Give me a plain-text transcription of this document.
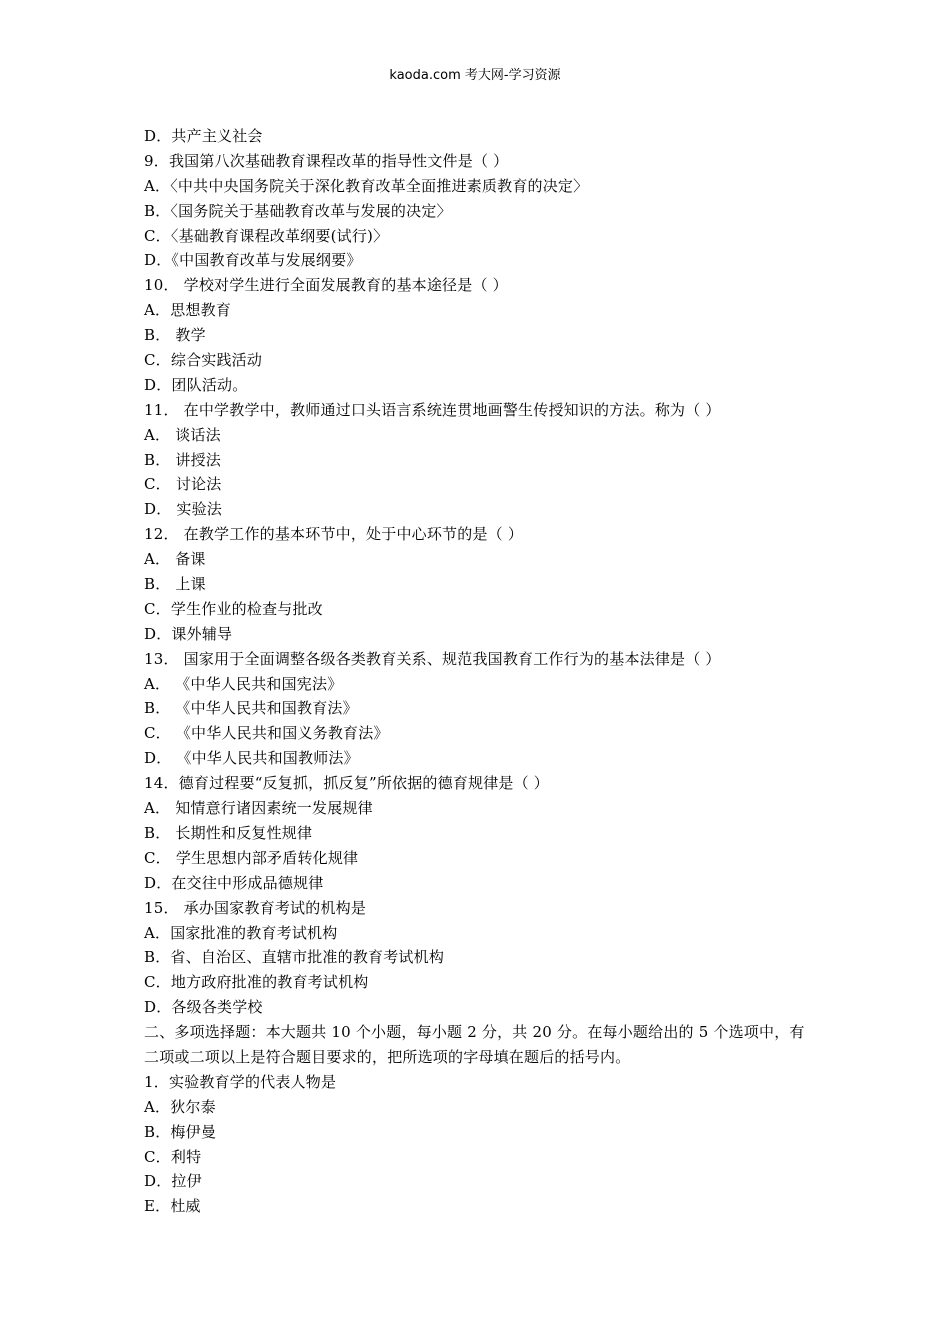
kaoda.com 考大网-学习资源
D．共产主义社会
9．我国第八次基础教育课程改革的指导性文件是（ ）
A．〈中共中央国务院关于深化教育改革全面推进素质教育的决定〉
B．〈国务院关于基础教育改革与发展的决定〉
C．〈基础教育课程改革纲要(试行)〉
D．《中国教育改革与发展纲要》
10． 学校对学生进行全面发展教育的基本途径是（ ）
A．思想教育
B． 教学
C．综合实践活动
D．团队活动。
11． 在中学教学中，教师通过口头语言系统连贯地画警生传授知识的方法。称为（ ）
A． 谈话法
B． 讲授法
C． 讨论法
D． 实验法
12． 在教学工作的基本环节中，处于中心环节的是（ ）
A． 备课
B． 上课
C．学生作业的检查与批改
D．课外辅导
13． 国家用于全面调整各级各类教育关系、规范我国教育工作行为的基本法律是（ ）
A． 《中华人民共和国宪法》
B． 《中华人民共和国教育法》
C． 《中华人民共和国义务教育法》
D． 《中华人民共和国教师法》
14．德育过程要“反复抓，抓反复”所依据的德育规律是（ ）
A． 知情意行诸因素统一发展规律
B． 长期性和反复性规律
C． 学生思想内部矛盾转化规律
D．在交往中形成品德规律
15． 承办国家教育考试的机构是
A．国家批准的教育考试机构
B．省、自治区、直辖市批准的教育考试机构
C．地方政府批准的教育考试机构
D．各级各类学校
二、多项选择题：本大题共 10 个小题，每小题 2 分，共 20 分。在每小题给出的 5 个选项中，有
二项或二项以上是符合题目要求的，把所选项的字母填在题后的括号内。
1．实验教育学的代表人物是
A．狄尔泰
B．梅伊曼
C．利特
D．拉伊
E．杜威
